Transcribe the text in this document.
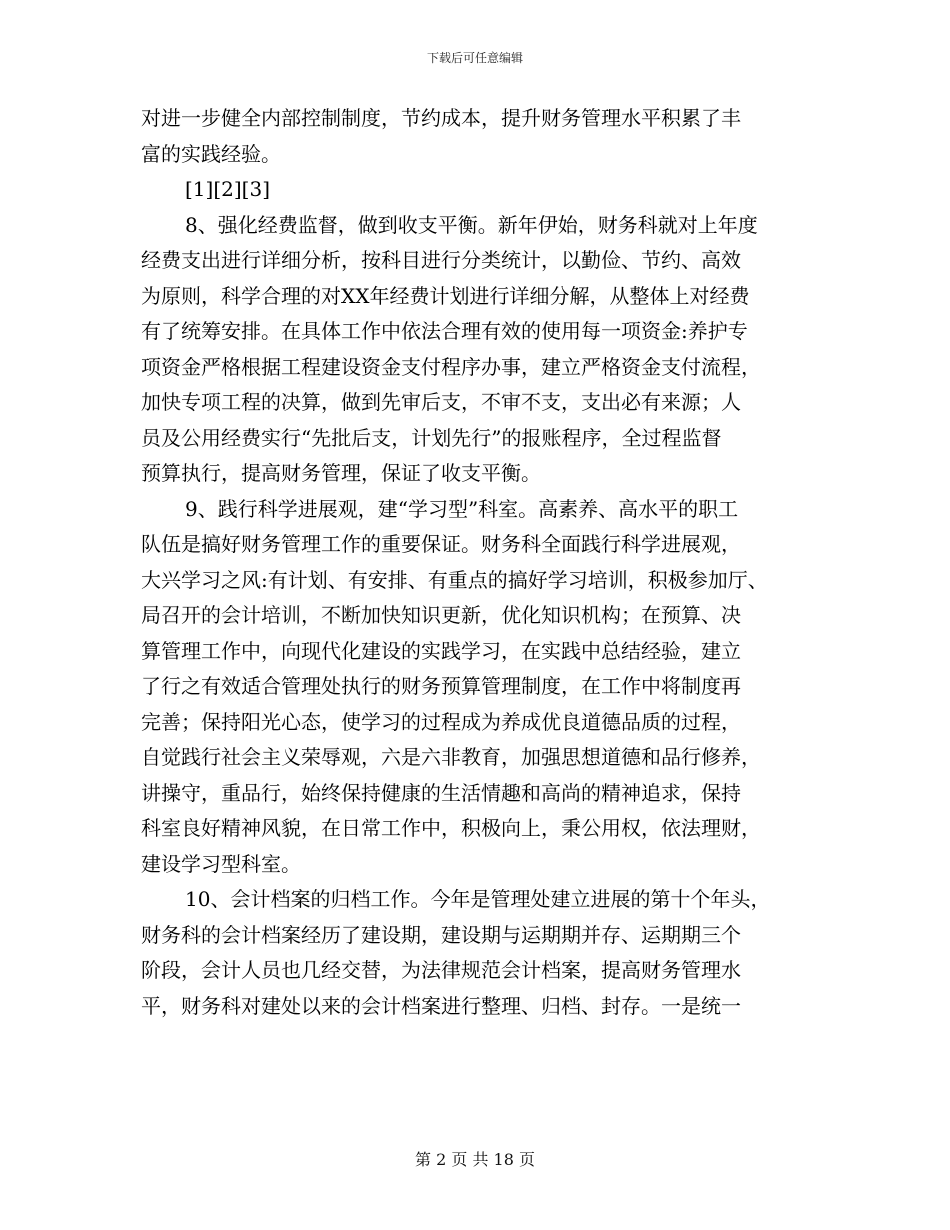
下载后可任意编辑
对进一步健全内部控制制度，节约成本，提升财务管理水平积累了丰
富的实践经验。
[1][2][3]
8、强化经费监督，做到收支平衡。新年伊始，财务科就对上年度
经费支出进行详细分析，按科目进行分类统计，以勤俭、节约、高效
为原则，科学合理的对XX年经费计划进行详细分解，从整体上对经费
有了统筹安排。在具体工作中依法合理有效的使用每一项资金:养护专
项资金严格根据工程建设资金支付程序办事，建立严格资金支付流程，
加快专项工程的决算，做到先审后支，不审不支，支出必有来源；人
员及公用经费实行“先批后支，计划先行”的报账程序，全过程监督
预算执行，提高财务管理，保证了收支平衡。
9、践行科学进展观，建“学习型”科室。高素养、高水平的职工
队伍是搞好财务管理工作的重要保证。财务科全面践行科学进展观，
大兴学习之风:有计划、有安排、有重点的搞好学习培训，积极参加厅、
局召开的会计培训，不断加快知识更新，优化知识机构；在预算、决
算管理工作中，向现代化建设的实践学习，在实践中总结经验，建立
了行之有效适合管理处执行的财务预算管理制度，在工作中将制度再
完善；保持阳光心态，使学习的过程成为养成优良道德品质的过程，
自觉践行社会主义荣辱观，六是六非教育，加强思想道德和品行修养，
讲操守，重品行，始终保持健康的生活情趣和高尚的精神追求，保持
科室良好精神风貌，在日常工作中，积极向上，秉公用权，依法理财，
建设学习型科室。
10、会计档案的归档工作。今年是管理处建立进展的第十个年头，
财务科的会计档案经历了建设期，建设期与运期期并存、运期期三个
阶段，会计人员也几经交替，为法律规范会计档案，提高财务管理水
平，财务科对建处以来的会计档案进行整理、归档、封存。一是统一
第 2 页 共 18 页
